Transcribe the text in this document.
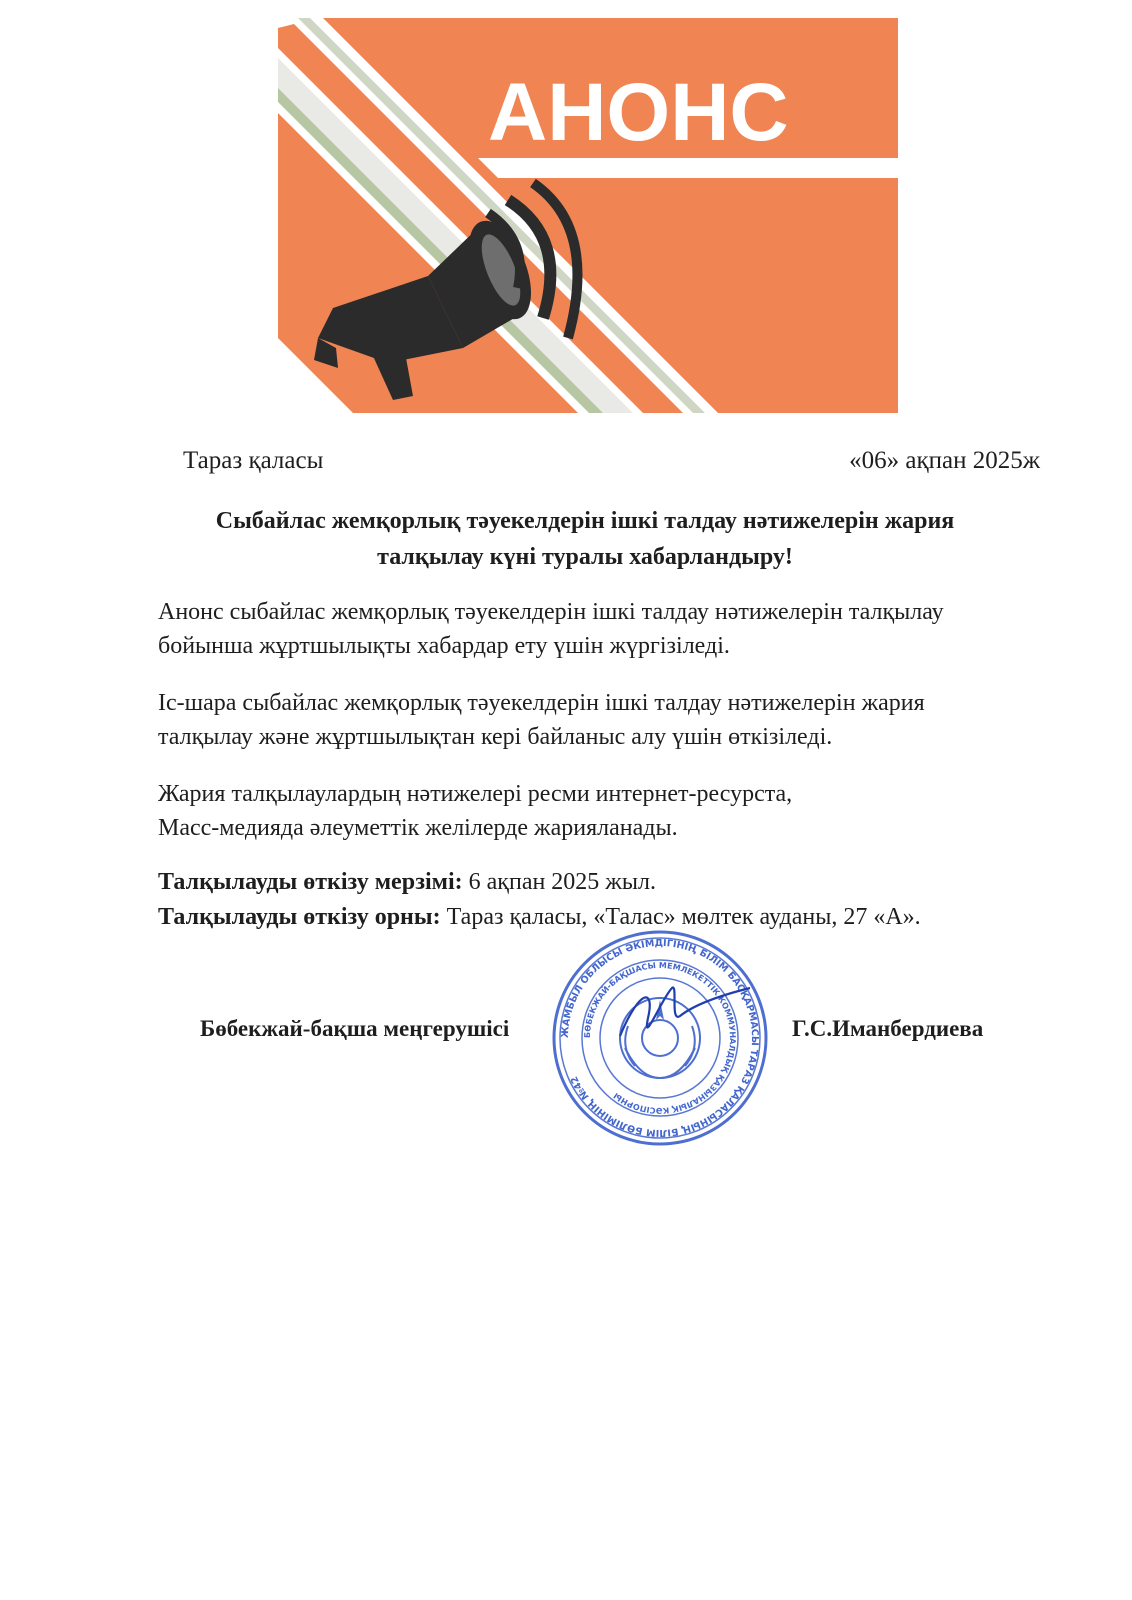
АНОНС
Тараз қаласы	«06» ақпан 2025ж
Сыбайлас жемқорлық тәуекелдерін ішкі талдау нәтижелерін жария
талқылау күні туралы хабарландыру!
Анонс сыбайлас жемқорлық тәуекелдерін ішкі талдау нәтижелерін талқылау
бойынша жұртшылықты хабардар ету үшін жүргізіледі.
Іс-шара сыбайлас жемқорлық тәуекелдерін ішкі талдау нәтижелерін жария
талқылау және жұртшылықтан кері байланыс алу үшін өткізіледі.
Жария талқылаулардың нәтижелері ресми интернет-ресурста,
Масс-медияда әлеуметтік желілерде жарияланады.
Талқылауды өткізу мерзімі: 6 ақпан 2025 жыл.
Талқылауды өткізу орны: Тараз қаласы, «Талас» мөлтек ауданы, 27 «А».
Бөбекжай-бақша меңгерушісі	Г.С.Иманбердиева
ЖАМБЫЛ ОБЛЫСЫ ӘКІМДІГІНІҢ БІЛІМ БАСҚАРМАСЫ ТАРАЗ ҚАЛАСЫНЫҢ БІЛІМ БӨЛІМІНІҢ №42
БӨБЕКЖАЙ-БАҚШАСЫ МЕМЛЕКЕТТІК КОММУНАЛДЫҚ ҚАЗЫНАЛЫҚ КӘСІПОРНЫ
